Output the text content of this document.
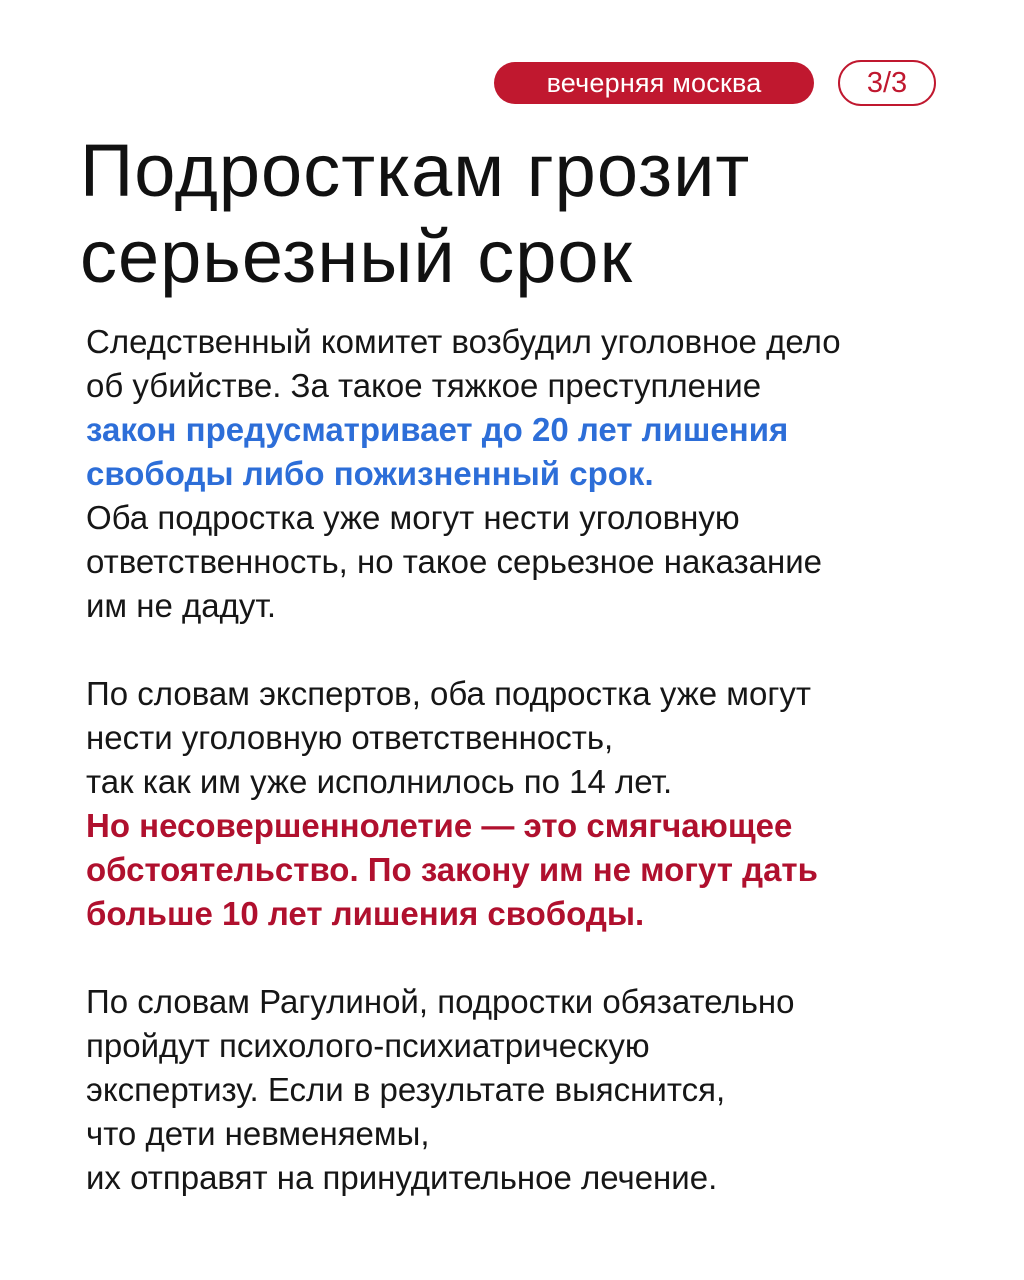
вечерняя москва	3/3
Подросткам грозит
серьезный срок
Следственный комитет возбудил уголовное дело
об убийстве. За такое тяжкое преступление
закон предусматривает до 20 лет лишения
свободы либо пожизненный срок.
Оба подростка уже могут нести уголовную
ответственность, но такое серьезное наказание
им не дадут.
По словам экспертов, оба подростка уже могут
нести уголовную ответственность,
так как им уже исполнилось по 14 лет.
Но несовершеннолетие — это смягчающее
обстоятельство. По закону им не могут дать
больше 10 лет лишения свободы.
По словам Рагулиной, подростки обязательно
пройдут психолого-психиатрическую
экспертизу. Если в результате выяснится,
что дети невменяемы,
их отправят на принудительное лечение.
